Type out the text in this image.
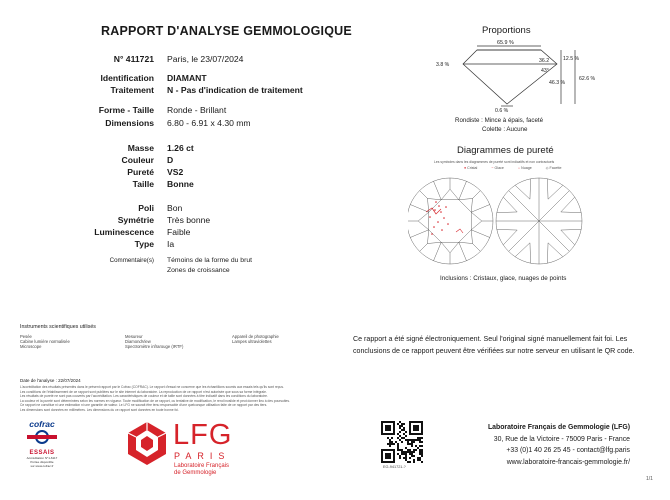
RAPPORT D'ANALYSE GEMMOLOGIQUE
N° 411721 Paris, le 23/07/2024
Identification DIAMANT
Traitement N - Pas d'indication de traitement
Forme - Taille Ronde - Brillant
Dimensions 6.80 - 6.91 x 4.30 mm
Masse 1.26 ct
Couleur D
Pureté VS2
Taille Bonne
Poli Bon
Symétrie Très bonne
Luminescence Faible
Type Ia
Commentaire(s) Témoins de la forme du brut
Zones de croissance
Proportions
65.9 %
36.2
43°
12.5 %
46.3 %
62.6 %
3.8 %
0.6 %
Rondiste : Mince à épais, faceté
Colette : Aucune
Diagrammes de pureté
Les symboles dans les diagrammes de pureté sont indicatifs et non contractuels
● Cristal	~ Glace	∴ Nuage	◇ Facette
Inclusions : Cristaux, glace, nuages de points
Instruments scientifiques utilisés
Pesée
Cabine lumière normalisée
Microscope
Mesureur
DiamondView
Spectromètre infrarouge (IRTF)
Appareil de photographie
Lampes ultraviolettes	Ce rapport a été signé électroniquement. Seul l'original signé manuellement fait foi. Les
conclusions de ce rapport peuvent être vérifiées sur notre serveur en utilisant le QR code.
Date de l'analyse : 22/07/2024
L'accréditation des résultats présentés dans le présent rapport par le Cofrac (COFRAC). Le rapport d'essai ne concerne que les échantillons soumis aux essais tels qu'ils sont reçus.
Les conditions de l'établissement de ce rapport sont publiées sur le site internet du laboratoire. La reproduction de ce rapport n'est autorisée que sous sa forme intégrale.
Les résultats de pureté ne sont pas couverts par l'accréditation. Les caractéristiques de couleur et de taille sont données à titre indicatif dans les conditions du laboratoire.
La couleur et la pureté sont déterminées selon les normes en vigueur. Toute modification de ce rapport, ou tentative de modification, le rend invalide et peut donner lieu à des poursuites.
Ce rapport ne constitue ni une estimation ni une garantie de valeur. Le LFG ne saurait être tenu responsable d'une quelconque utilisation faite de ce rapport par des tiers.
Les dimensions sont données en millimètres. Les dimensions du ce rapport sont données en toute bonne foi.
cofrac
ESSAIS
Accréditation N°1-6117
Portée disponible
sur www.cofrac.fr
LFG
PARIS
Laboratoire Français
de Gemmologie
EG-941721-?
Laboratoire Français de Gemmologie (LFG)
30, Rue de la Victoire - 75009 Paris - France
+33 (0)1 40 26 25 45 - contact@lfg.paris
www.laboratoire-francais-gemmologie.fr/
1/1
